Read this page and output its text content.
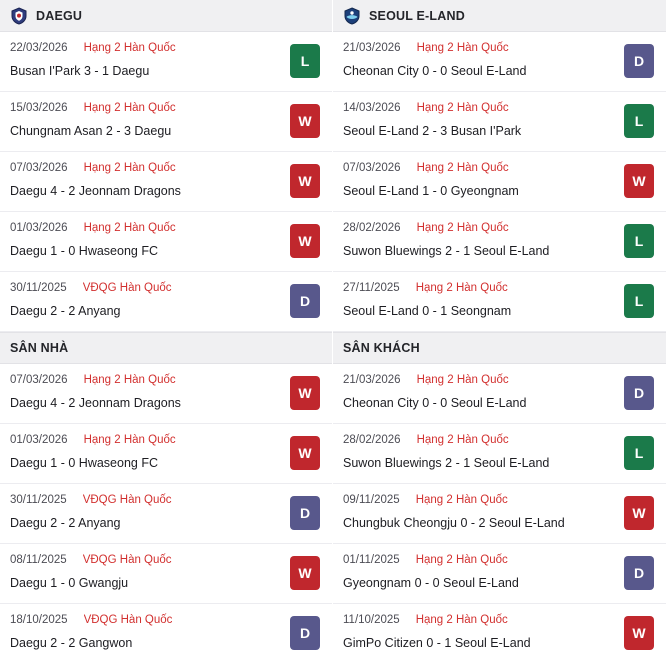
DAEGU
22/03/2026 Hạng 2 Hàn Quốc
Busan I'Park 3 - 1 Daegu
L
15/03/2026 Hạng 2 Hàn Quốc
Chungnam Asan 2 - 3 Daegu
W
07/03/2026 Hạng 2 Hàn Quốc
Daegu 4 - 2 Jeonnam Dragons
W
01/03/2026 Hạng 2 Hàn Quốc
Daegu 1 - 0 Hwaseong FC
W
30/11/2025 VĐQG Hàn Quốc
Daegu 2 - 2 Anyang
D
SÂN NHÀ
07/03/2026 Hạng 2 Hàn Quốc
Daegu 4 - 2 Jeonnam Dragons
W
01/03/2026 Hạng 2 Hàn Quốc
Daegu 1 - 0 Hwaseong FC
W
30/11/2025 VĐQG Hàn Quốc
Daegu 2 - 2 Anyang
D
08/11/2025 VĐQG Hàn Quốc
Daegu 1 - 0 Gwangju
W
18/10/2025 VĐQG Hàn Quốc
Daegu 2 - 2 Gangwon
D
SEOUL E-LAND
21/03/2026 Hạng 2 Hàn Quốc
Cheonan City 0 - 0 Seoul E-Land
D
14/03/2026 Hạng 2 Hàn Quốc
Seoul E-Land 2 - 3 Busan I'Park
L
07/03/2026 Hạng 2 Hàn Quốc
Seoul E-Land 1 - 0 Gyeongnam
W
28/02/2026 Hạng 2 Hàn Quốc
Suwon Bluewings 2 - 1 Seoul E-Land
L
27/11/2025 Hạng 2 Hàn Quốc
Seoul E-Land 0 - 1 Seongnam
L
SÂN KHÁCH
21/03/2026 Hạng 2 Hàn Quốc
Cheonan City 0 - 0 Seoul E-Land
D
28/02/2026 Hạng 2 Hàn Quốc
Suwon Bluewings 2 - 1 Seoul E-Land
L
09/11/2025 Hạng 2 Hàn Quốc
Chungbuk Cheongju 0 - 2 Seoul E-Land
W
01/11/2025 Hạng 2 Hàn Quốc
Gyeongnam 0 - 0 Seoul E-Land
D
11/10/2025 Hạng 2 Hàn Quốc
GimPo Citizen 0 - 1 Seoul E-Land
W
